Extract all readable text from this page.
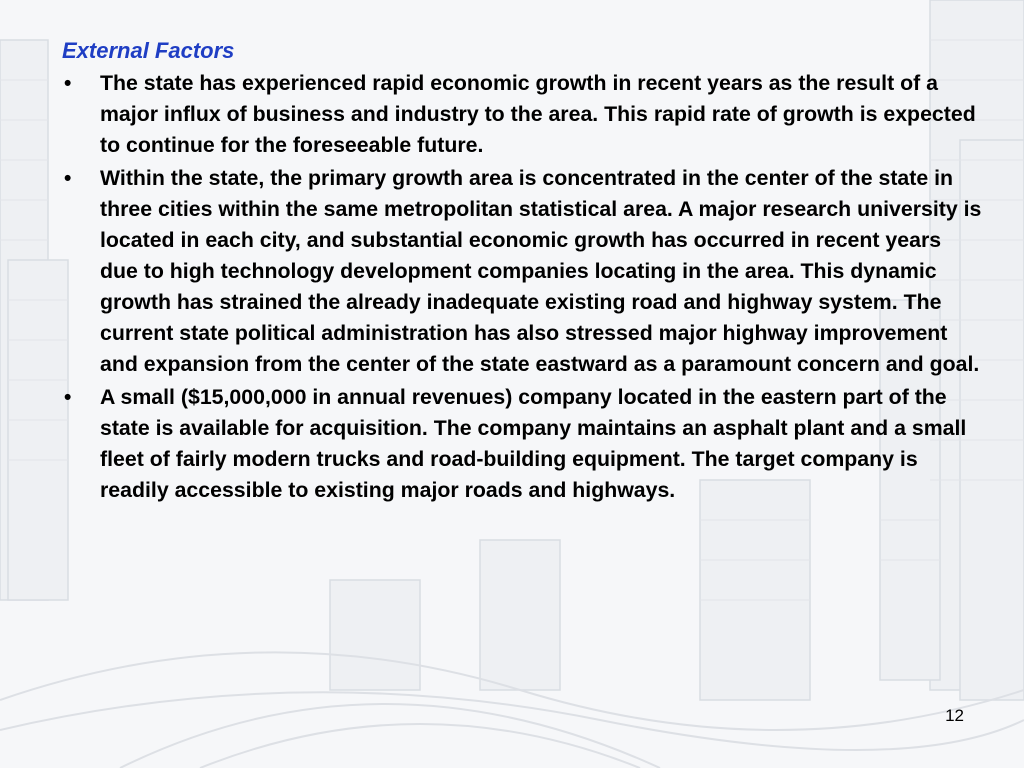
External Factors
• The state has experienced rapid economic growth in recent years as the result of a major influx of business and industry to the area. This rapid rate of growth is expected to continue for the foreseeable future.
• Within the state, the primary growth area is concentrated in the center of the state in three cities within the same metropolitan statistical area. A major research university is located in each city, and substantial economic growth has occurred in recent years due to high technology development companies locating in the area. This dynamic growth has strained the already inadequate existing road and highway system. The current state political administration has also stressed major highway improvement and expansion from the center of the state eastward as a paramount concern and goal.
• A small ($15,000,000 in annual revenues) company located in the eastern part of the state is available for acquisition. The company maintains an asphalt plant and a small fleet of fairly modern trucks and road-building equipment. The target company is readily accessible to existing major roads and highways.
12
